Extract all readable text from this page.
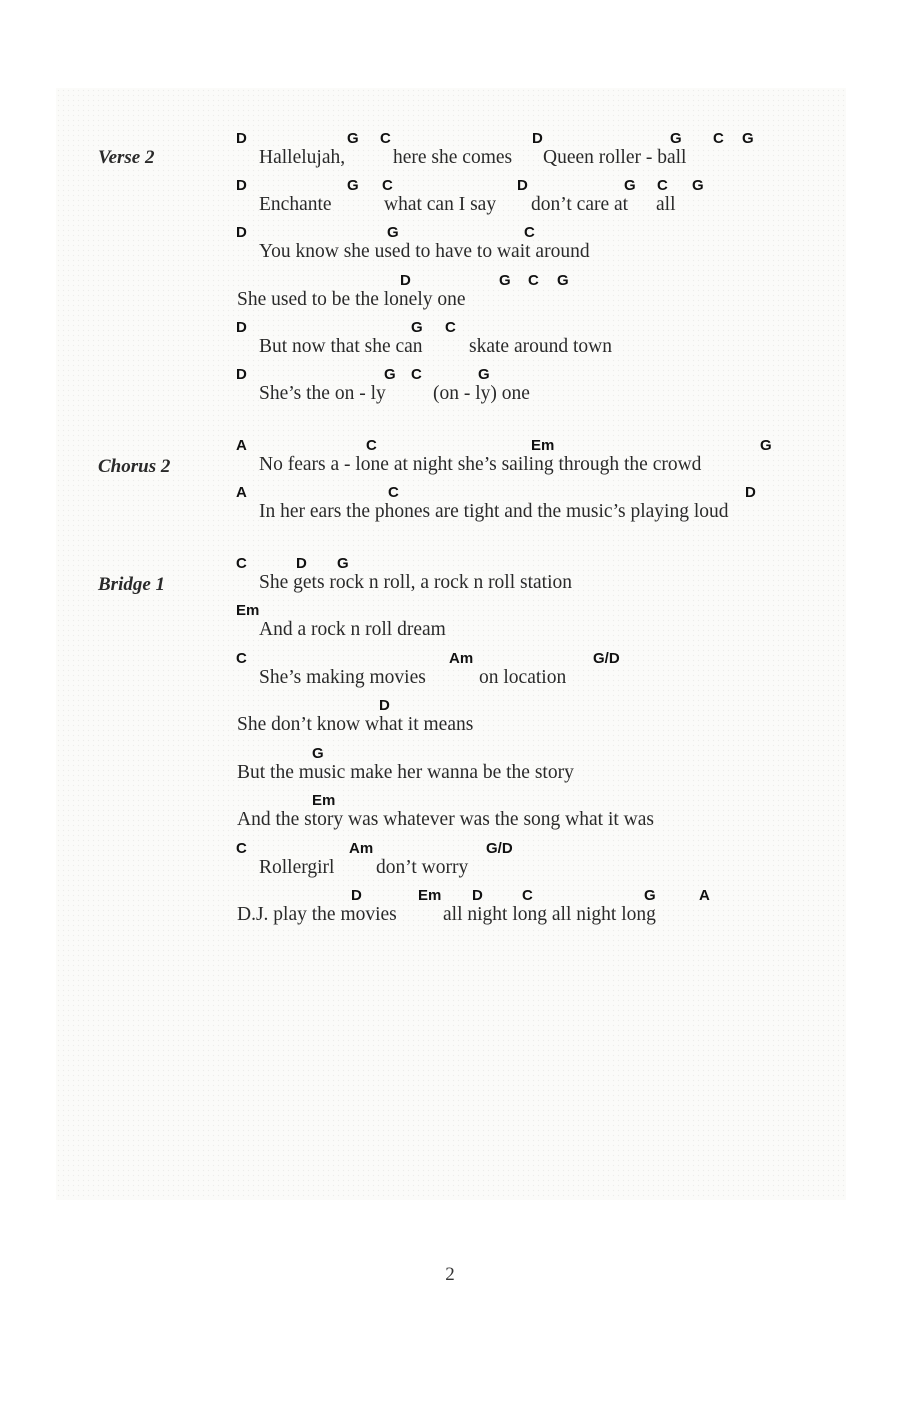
Verse 2
D	G C	D	G C G
Hallelujah, here she comes Queen roller - ball
D	G C	D	G C G
Enchante	what can I say don’t care at all
D	G	C
You know she used to have to wait around
D	G C G
She used to be the lonely one
D	G C
But now that she can skate around town
D	G C	G
She’s the on - ly (on - ly) one
Chorus 2
A	C	Em	G
No fears a - lone at night she’s sailing through the crowd
A	C	D
In her ears the phones are tight and the music’s playing loud
Bridge 1
C	D G
She gets rock n roll, a rock n roll station
Em
And a rock n roll dream
C	Am	G/D
She’s making movies	on location
D
She don’t know what it means
G
But the music make her wanna be the story
Em
And the story was whatever was the song what it was
C	Am	G/D
Rollergirl don’t worry
D	Em D	C	G	A
D.J. play the movies all night long all night long
2
